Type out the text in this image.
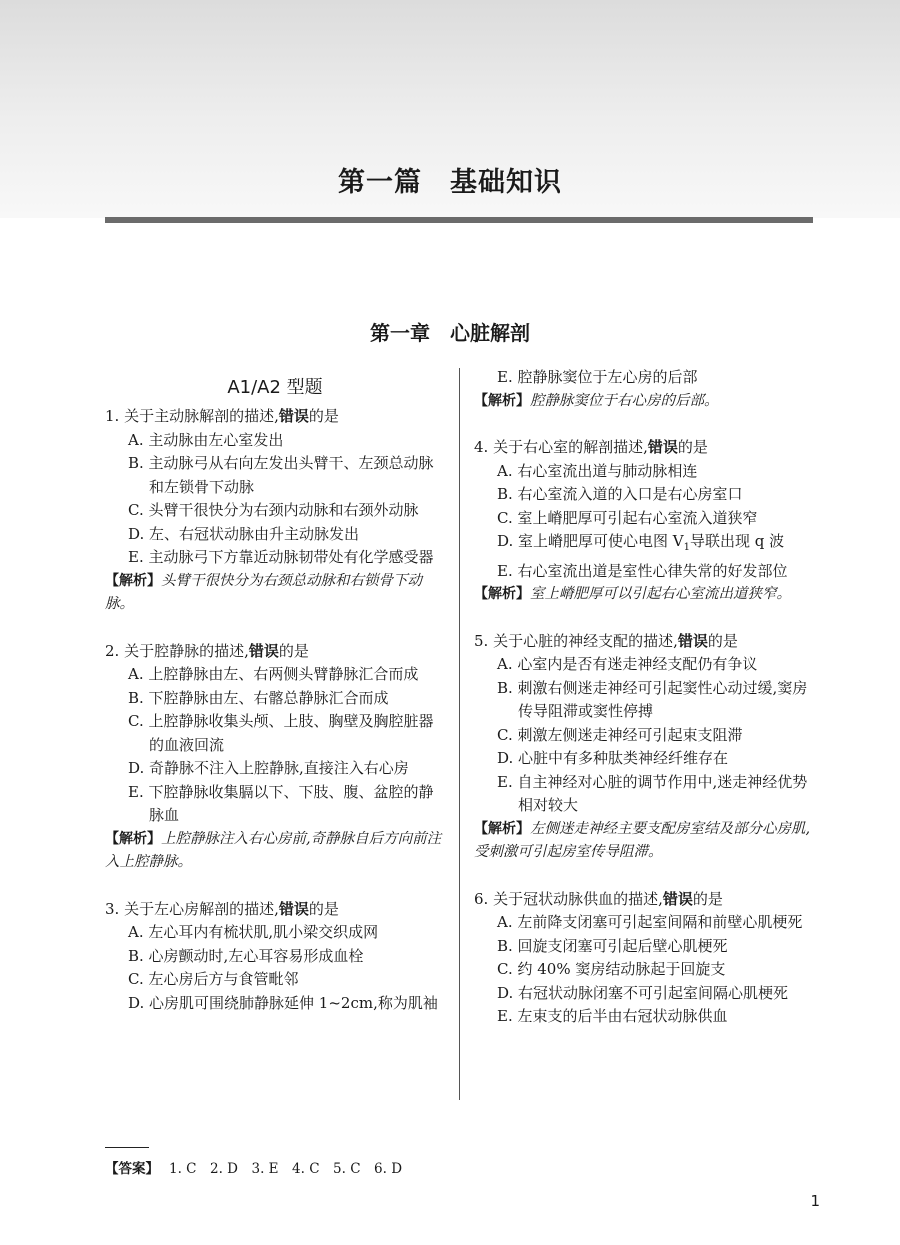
第一篇　基础知识
第一章　心脏解剖
A1/A2 型题

1. 关于主动脉解剖的描述,错误的是

A. 主动脉由左心室发出

B. 主动脉弓从右向左发出头臂干、左颈总动脉和左锁骨下动脉

C. 头臂干很快分为右颈内动脉和右颈外动脉

D. 左、右冠状动脉由升主动脉发出

E. 主动脉弓下方靠近动脉韧带处有化学感受器

【解析】头臂干很快分为右颈总动脉和右锁骨下动脉。

2. 关于腔静脉的描述,错误的是

A. 上腔静脉由左、右两侧头臂静脉汇合而成

B. 下腔静脉由左、右髂总静脉汇合而成

C. 上腔静脉收集头颅、上肢、胸壁及胸腔脏器的血液回流

D. 奇静脉不注入上腔静脉,直接注入右心房

E. 下腔静脉收集膈以下、下肢、腹、盆腔的静脉血

【解析】上腔静脉注入右心房前,奇静脉自后方向前注入上腔静脉。

3. 关于左心房解剖的描述,错误的是

A. 左心耳内有梳状肌,肌小梁交织成网

B. 心房颤动时,左心耳容易形成血栓

C. 左心房后方与食管毗邻

D. 心房肌可围绕肺静脉延伸 1~2cm,称为肌袖

E. 腔静脉窦位于左心房的后部

【解析】腔静脉窦位于右心房的后部。

4. 关于右心室的解剖描述,错误的是

A. 右心室流出道与肺动脉相连

B. 右心室流入道的入口是右心房室口

C. 室上嵴肥厚可引起右心室流入道狭窄

D. 室上嵴肥厚可使心电图 $V_1$导联出现 q 波

E. 右心室流出道是室性心律失常的好发部位

【解析】室上嵴肥厚可以引起右心室流出道狭窄。

5. 关于心脏的神经支配的描述,错误的是

A. 心室内是否有迷走神经支配仍有争议

B. 刺激右侧迷走神经可引起窦性心动过缓,窦房传导阻滞或窦性停搏

C. 刺激左侧迷走神经可引起束支阻滞

D. 心脏中有多种肽类神经纤维存在

E. 自主神经对心脏的调节作用中,迷走神经优势相对较大

【解析】左侧迷走神经主要支配房室结及部分心房肌,受刺激可引起房室传导阻滞。

6. 关于冠状动脉供血的描述,错误的是

A. 左前降支闭塞可引起室间隔和前壁心肌梗死

B. 回旋支闭塞可引起后壁心肌梗死

C. 约 40% 窦房结动脉起于回旋支

D. 右冠状动脉闭塞不可引起室间隔心肌梗死

E. 左束支的后半由右冠状动脉供血

【答案】 1. C　2. D　3. E　4. C　5. C　6. D
1
